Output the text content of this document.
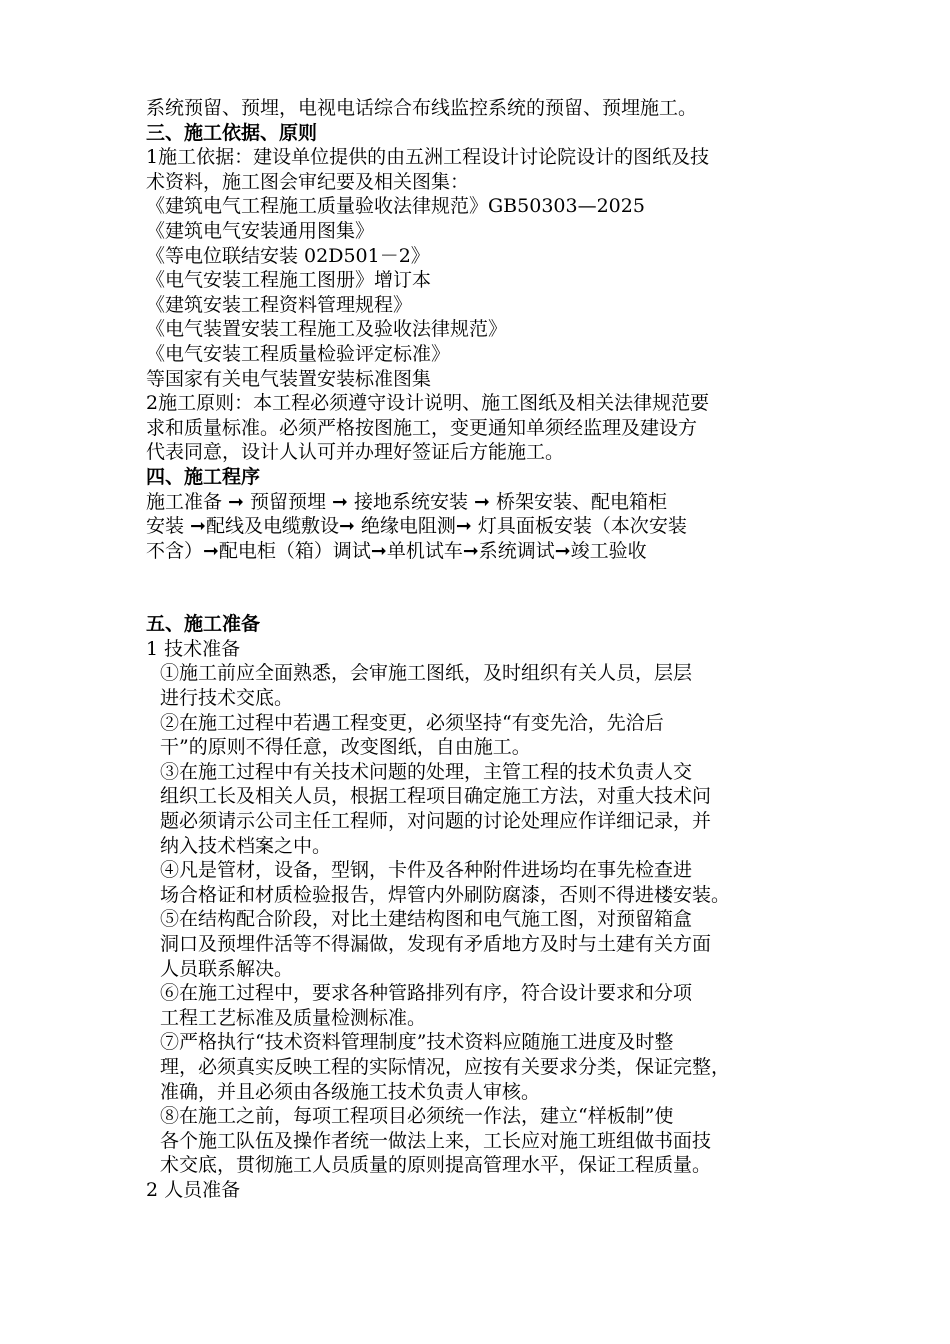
系统预留、预埋，电视电话综合布线监控系统的预留、预埋施工。
三、施工依据、原则
1施工依据：建设单位提供的由五洲工程设计讨论院设计的图纸及技
术资料，施工图会审纪要及相关图集：
《建筑电气工程施工质量验收法律规范》GB50303—2025
《建筑电气安装通用图集》
《等电位联结安装 02D501－2》
《电气安装工程施工图册》增订本
《建筑安装工程资料管理规程》
《电气装置安装工程施工及验收法律规范》
《电气安装工程质量检验评定标准》
等国家有关电气装置安装标准图集
2施工原则：本工程必须遵守设计说明、施工图纸及相关法律规范要
求和质量标准。必须严格按图施工，变更通知单须经监理及建设方
代表同意，设计人认可并办理好签证后方能施工。
四、施工程序
施工准备 ➞ 预留预埋 ➞ 接地系统安装 ➞ 桥架安装、配电箱柜
安装 ➞配线及电缆敷设➞ 绝缘电阻测➞ 灯具面板安装（本次安装
不含）➞配电柜（箱）调试➞单机试车➞系统调试➞竣工验收
五、施工准备
1 技术准备
①施工前应全面熟悉，会审施工图纸，及时组织有关人员，层层
进行技术交底。
②在施工过程中若遇工程变更，必须坚持“有变先洽，先洽后
干”的原则不得任意，改变图纸，自由施工。
③在施工过程中有关技术问题的处理，主管工程的技术负责人交
组织工长及相关人员，根据工程项目确定施工方法，对重大技术问
题必须请示公司主任工程师，对问题的讨论处理应作详细记录，并
纳入技术档案之中。
④凡是管材，设备，型钢，卡件及各种附件进场均在事先检查进
场合格证和材质检验报告，焊管内外刷防腐漆，否则不得进楼安装。
⑤在结构配合阶段，对比土建结构图和电气施工图，对预留箱盒
洞口及预埋件活等不得漏做，发现有矛盾地方及时与土建有关方面
人员联系解决。
⑥在施工过程中，要求各种管路排列有序，符合设计要求和分项
工程工艺标准及质量检测标准。
⑦严格执行“技术资料管理制度”技术资料应随施工进度及时整
理，必须真实反映工程的实际情况，应按有关要求分类，保证完整，
准确，并且必须由各级施工技术负责人审核。
⑧在施工之前，每项工程项目必须统一作法，建立“样板制”使
各个施工队伍及操作者统一做法上来，工长应对施工班组做书面技
术交底，贯彻施工人员质量的原则提高管理水平，保证工程质量。
2 人员准备
